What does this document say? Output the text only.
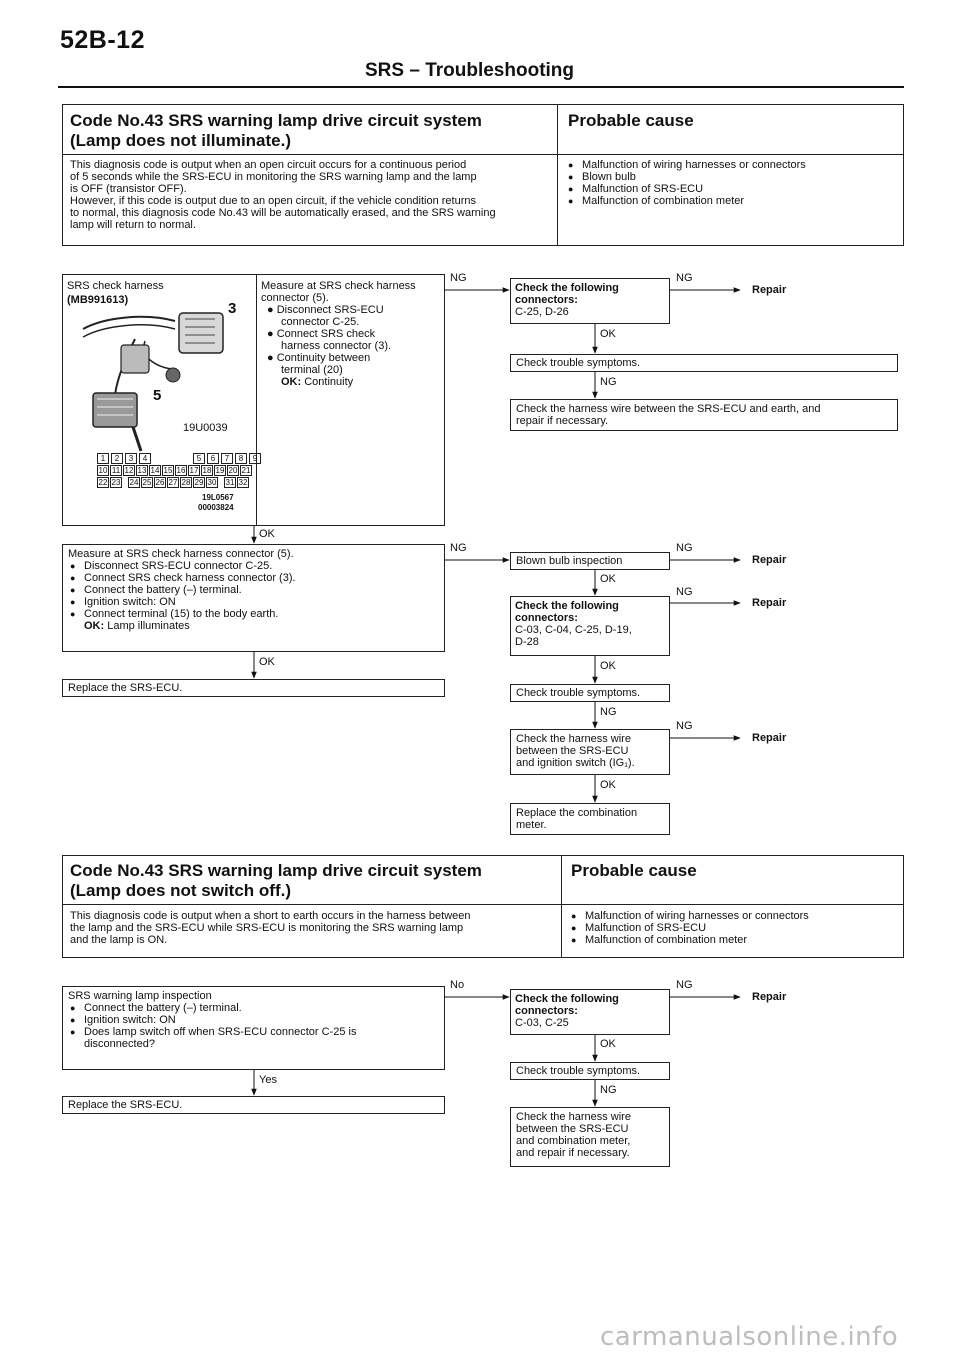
52B-12
SRS – Troubleshooting
Code No.43 SRS warning lamp drive circuit system
(Lamp does not illuminate.)
Probable cause
This diagnosis code is output when an open circuit occurs for a continuous period
of 5 seconds while the SRS-ECU in monitoring the SRS warning lamp and the lamp
is OFF (transistor OFF).
However, if this code is output due to an open circuit, if the vehicle condition returns
to normal, this diagnosis code No.43 will be automatically erased, and the SRS warning
lamp will return to normal.
● Malfunction of wiring harnesses or connectors
● Blown bulb
● Malfunction of SRS-ECU
● Malfunction of combination meter
SRS check harness
(MB991613)	3
5
19U0039
1	2	3	4	5	6	7	8	9
10 11 12 13 14 15 16 17 18 19 20 21
22 23 24 25 26 27 28 29 30 31 32
19L0567
00003824
Measure at SRS check harness
connector (5).
● Disconnect SRS-ECU
connector C-25.
● Connect SRS check
harness connector (3).
● Continuity between
terminal (20)
OK: Continuity
Measure at SRS check harness connector (5).
● Disconnect SRS-ECU connector C-25.
● Connect SRS check harness connector (3).
● Connect the battery (–) terminal.
● Ignition switch: ON
● Connect terminal (15) to the body earth.
OK: Lamp illuminates
Replace the SRS-ECU.
Check the following
connectors:
C-25, D-26
Check trouble symptoms.
Check the harness wire between the SRS-ECU and earth, and
repair if necessary.
Blown bulb inspection
Check the following
connectors:
C-03, C-04, C-25, D-19,
D-28
Check trouble symptoms.
Check the harness wire
between the SRS-ECU
and ignition switch (IG₁).
Replace the combination
meter.
NG	NG
Repair
OK
NG
OK
NG	NG
Repair
OK
NG
Repair
OK	OK
NG
NG
Repair
OK
Code No.43 SRS warning lamp drive circuit system
(Lamp does not switch off.)
Probable cause
This diagnosis code is output when a short to earth occurs in the harness between
the lamp and the SRS-ECU while SRS-ECU is monitoring the SRS warning lamp
and the lamp is ON.
● Malfunction of wiring harnesses or connectors
● Malfunction of SRS-ECU
● Malfunction of combination meter
SRS warning lamp inspection
● Connect the battery (–) terminal.
● Ignition switch: ON
● Does lamp switch off when SRS-ECU connector C-25 is
disconnected?
Replace the SRS-ECU.
Check the following
connectors:
C-03, C-25
Check trouble symptoms.
Check the harness wire
between the SRS-ECU
and combination meter,
and repair if necessary.
No	NG
Repair
OK
NG
Yes
carmanualsonline.info
